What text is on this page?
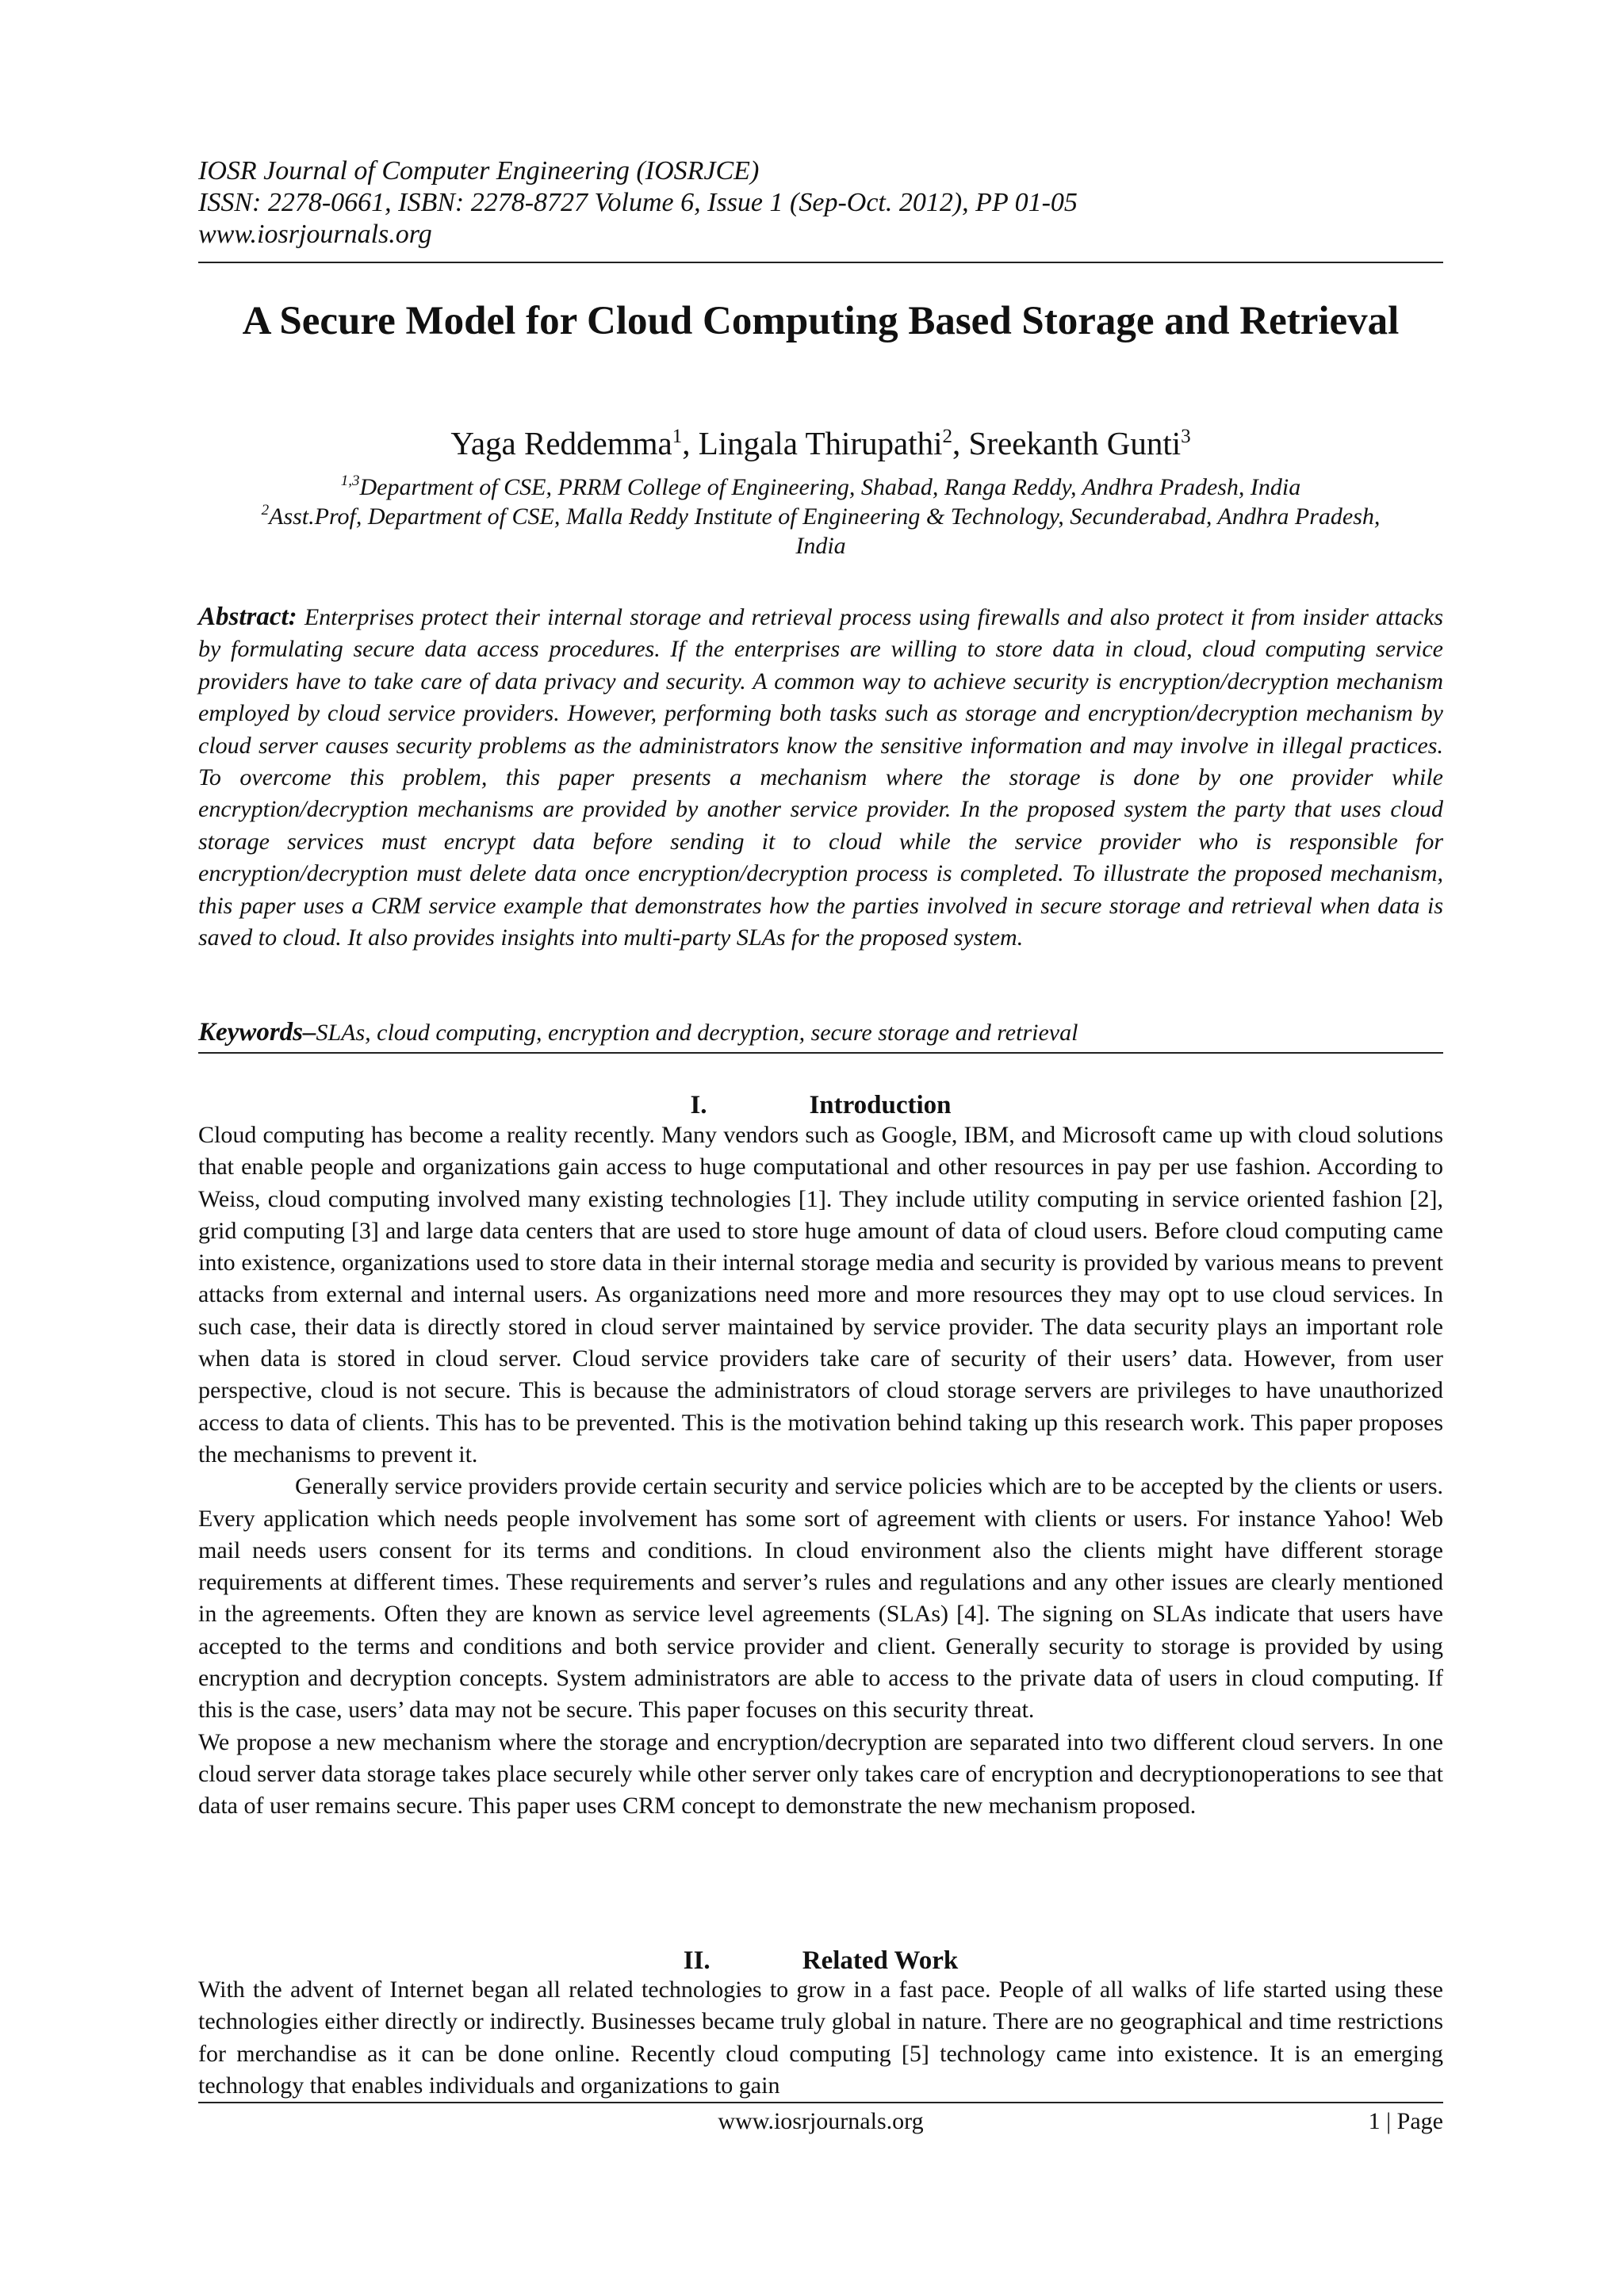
IOSR Journal of Computer Engineering (IOSRJCE)
ISSN: 2278-0661, ISBN: 2278-8727 Volume 6, Issue 1 (Sep-Oct. 2012), PP 01-05
www.iosrjournals.org
A Secure Model for Cloud Computing Based Storage and Retrieval
Yaga Reddemma$^1$, Lingala Thirupathi$^2$, Sreekanth Gunti$^3$
$^{1,3}$Department of CSE, PRRM College of Engineering, Shabad, Ranga Reddy, Andhra Pradesh, India
$^2$Asst.Prof, Department of CSE, Malla Reddy Institute of Engineering & Technology, Secunderabad, Andhra Pradesh, India
Abstract: Enterprises protect their internal storage and retrieval process using firewalls and also protect it from insider attacks by formulating secure data access procedures. If the enterprises are willing to store data in cloud, cloud computing service providers have to take care of data privacy and security. A common way to achieve security is encryption/decryption mechanism employed by cloud service providers. However, performing both tasks such as storage and encryption/decryption mechanism by cloud server causes security problems as the administrators know the sensitive information and may involve in illegal practices. To overcome this problem, this paper presents a mechanism where the storage is done by one provider while encryption/decryption mechanisms are provided by another service provider. In the proposed system the party that uses cloud storage services must encrypt data before sending it to cloud while the service provider who is responsible for encryption/decryption must delete data once encryption/decryption process is completed. To illustrate the proposed mechanism, this paper uses a CRM service example that demonstrates how the parties involved in secure storage and retrieval when data is saved to cloud. It also provides insights into multi-party SLAs for the proposed system.
Keywords–SLAs, cloud computing, encryption and decryption, secure storage and retrieval
I.	Introduction

Cloud computing has become a reality recently. Many vendors such as Google, IBM, and Microsoft came up with cloud solutions that enable people and organizations gain access to huge computational and other resources in pay per use fashion. According to Weiss, cloud computing involved many existing technologies [1]. They include utility computing in service oriented fashion [2], grid computing [3] and large data centers that are used to store huge amount of data of cloud users. Before cloud computing came into existence, organizations used to store data in their internal storage media and security is provided by various means to prevent attacks from external and internal users. As organizations need more and more resources they may opt to use cloud services. In such case, their data is directly stored in cloud server maintained by service provider. The data security plays an important role when data is stored in cloud server. Cloud service providers take care of security of their users’ data. However, from user perspective, cloud is not secure. This is because the administrators of cloud storage servers are privileges to have unauthorized access to data of clients. This has to be prevented. This is the motivation behind taking up this research work. This paper proposes the mechanisms to prevent it.

Generally service providers provide certain security and service policies which are to be accepted by the clients or users. Every application which needs people involvement has some sort of agreement with clients or users. For instance Yahoo! Web mail needs users consent for its terms and conditions. In cloud environment also the clients might have different storage requirements at different times. These requirements and server’s rules and regulations and any other issues are clearly mentioned in the agreements. Often they are known as service level agreements (SLAs) [4]. The signing on SLAs indicate that users have accepted to the terms and conditions and both service provider and client. Generally security to storage is provided by using encryption and decryption concepts. System administrators are able to access to the private data of users in cloud computing. If this is the case, users’ data may not be secure. This paper focuses on this security threat.

We propose a new mechanism where the storage and encryption/decryption are separated into two different cloud servers. In one cloud server data storage takes place securely while other server only takes care of encryption and decryptionoperations to see that data of user remains secure. This paper uses CRM concept to demonstrate the new mechanism proposed.

II.	Related Work

With the advent of Internet began all related technologies to grow in a fast pace. People of all walks of life started using these technologies either directly or indirectly. Businesses became truly global in nature. There are no geographical and time restrictions for merchandise as it can be done online. Recently cloud computing [5] technology came into existence. It is an emerging technology that enables individuals and organizations to gain

www.iosrjournals.org	1 | Page
